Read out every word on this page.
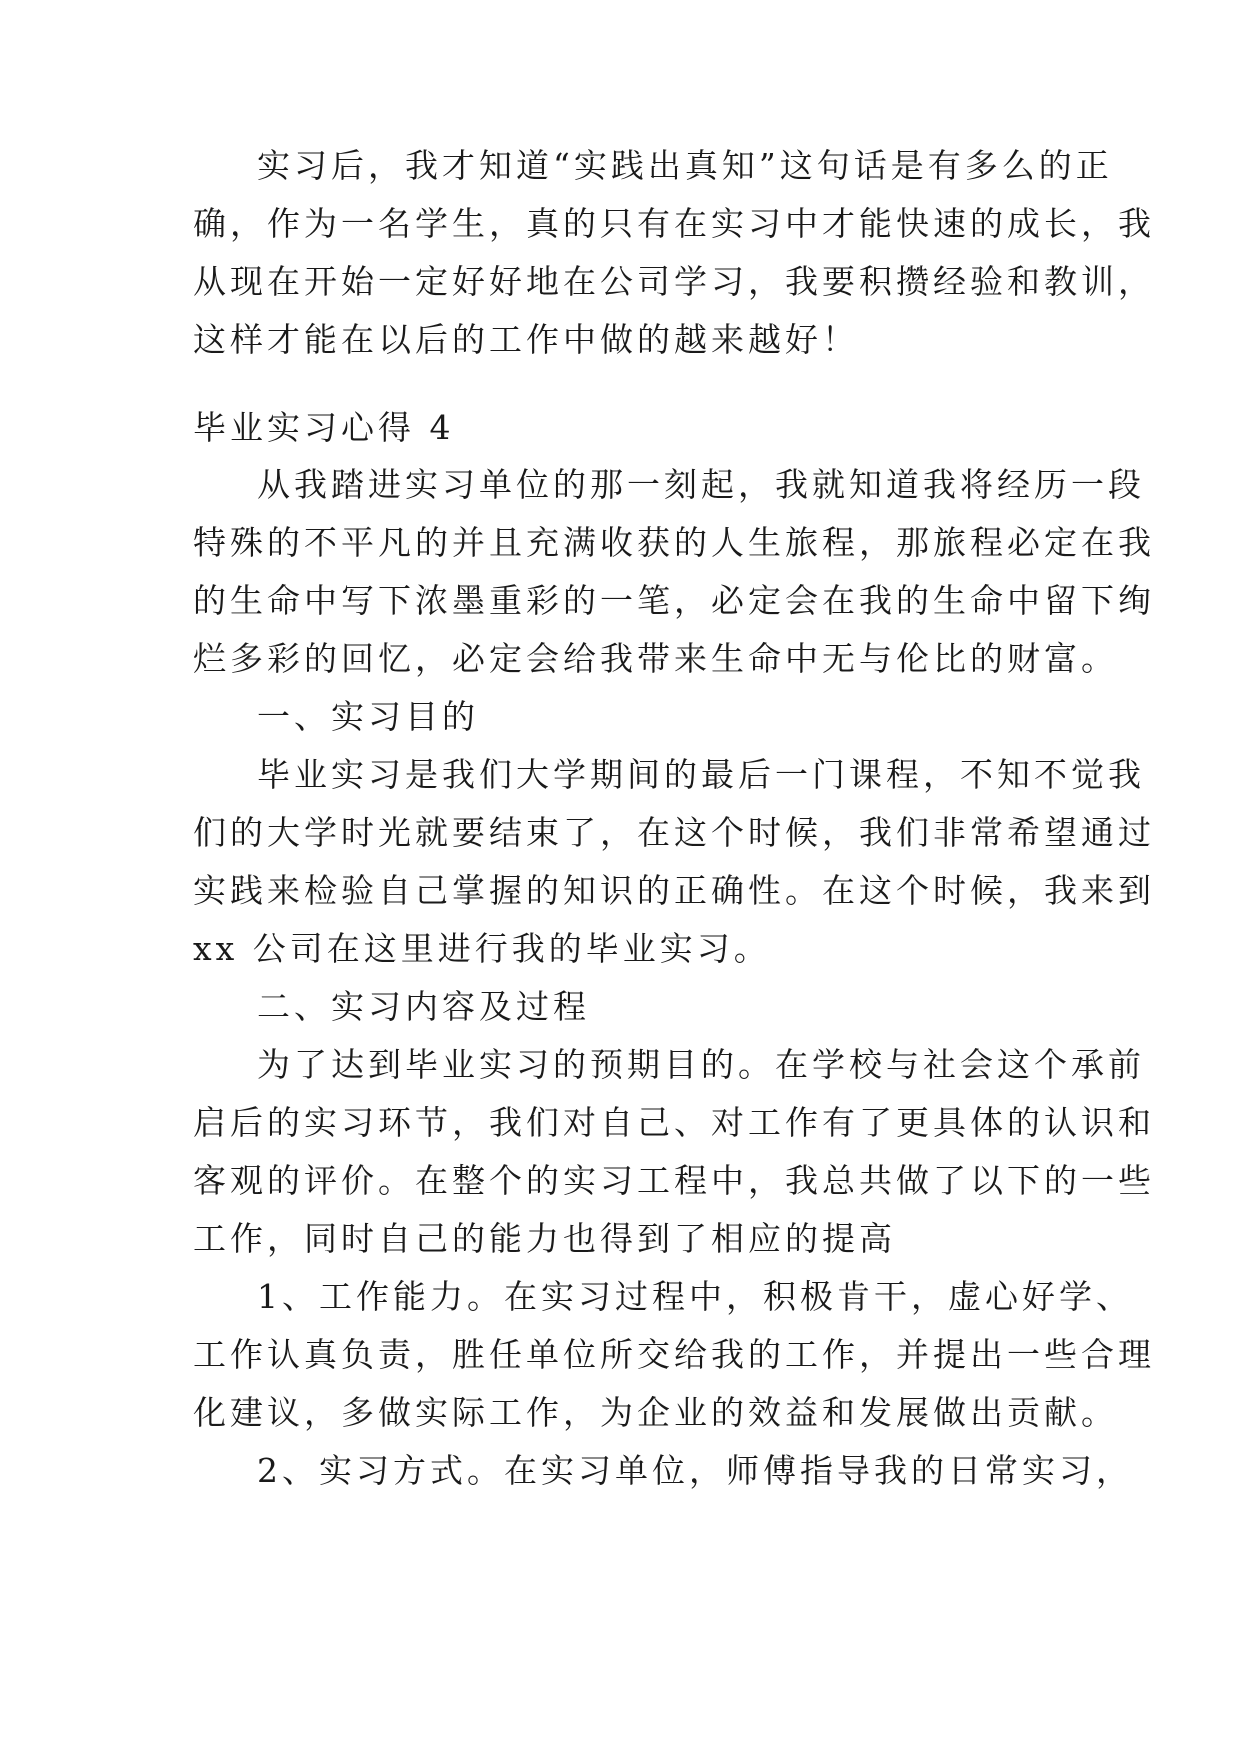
实习后，我才知道“实践出真知”这句话是有多么的正
确，作为一名学生，真的只有在实习中才能快速的成长，我
从现在开始一定好好地在公司学习，我要积攒经验和教训，
这样才能在以后的工作中做的越来越好！
毕业实习心得 4
从我踏进实习单位的那一刻起，我就知道我将经历一段
特殊的不平凡的并且充满收获的人生旅程，那旅程必定在我
的生命中写下浓墨重彩的一笔，必定会在我的生命中留下绚
烂多彩的回忆，必定会给我带来生命中无与伦比的财富。
一、实习目的
毕业实习是我们大学期间的最后一门课程，不知不觉我
们的大学时光就要结束了，在这个时候，我们非常希望通过
实践来检验自己掌握的知识的正确性。在这个时候，我来到
xx 公司在这里进行我的毕业实习。
二、实习内容及过程
为了达到毕业实习的预期目的。在学校与社会这个承前
启后的实习环节，我们对自己、对工作有了更具体的认识和
客观的评价。在整个的实习工程中，我总共做了以下的一些
工作，同时自己的能力也得到了相应的提高
1、工作能力。在实习过程中，积极肯干，虚心好学、
工作认真负责，胜任单位所交给我的工作，并提出一些合理
化建议，多做实际工作，为企业的效益和发展做出贡献。
2、实习方式。在实习单位，师傅指导我的日常实习，
